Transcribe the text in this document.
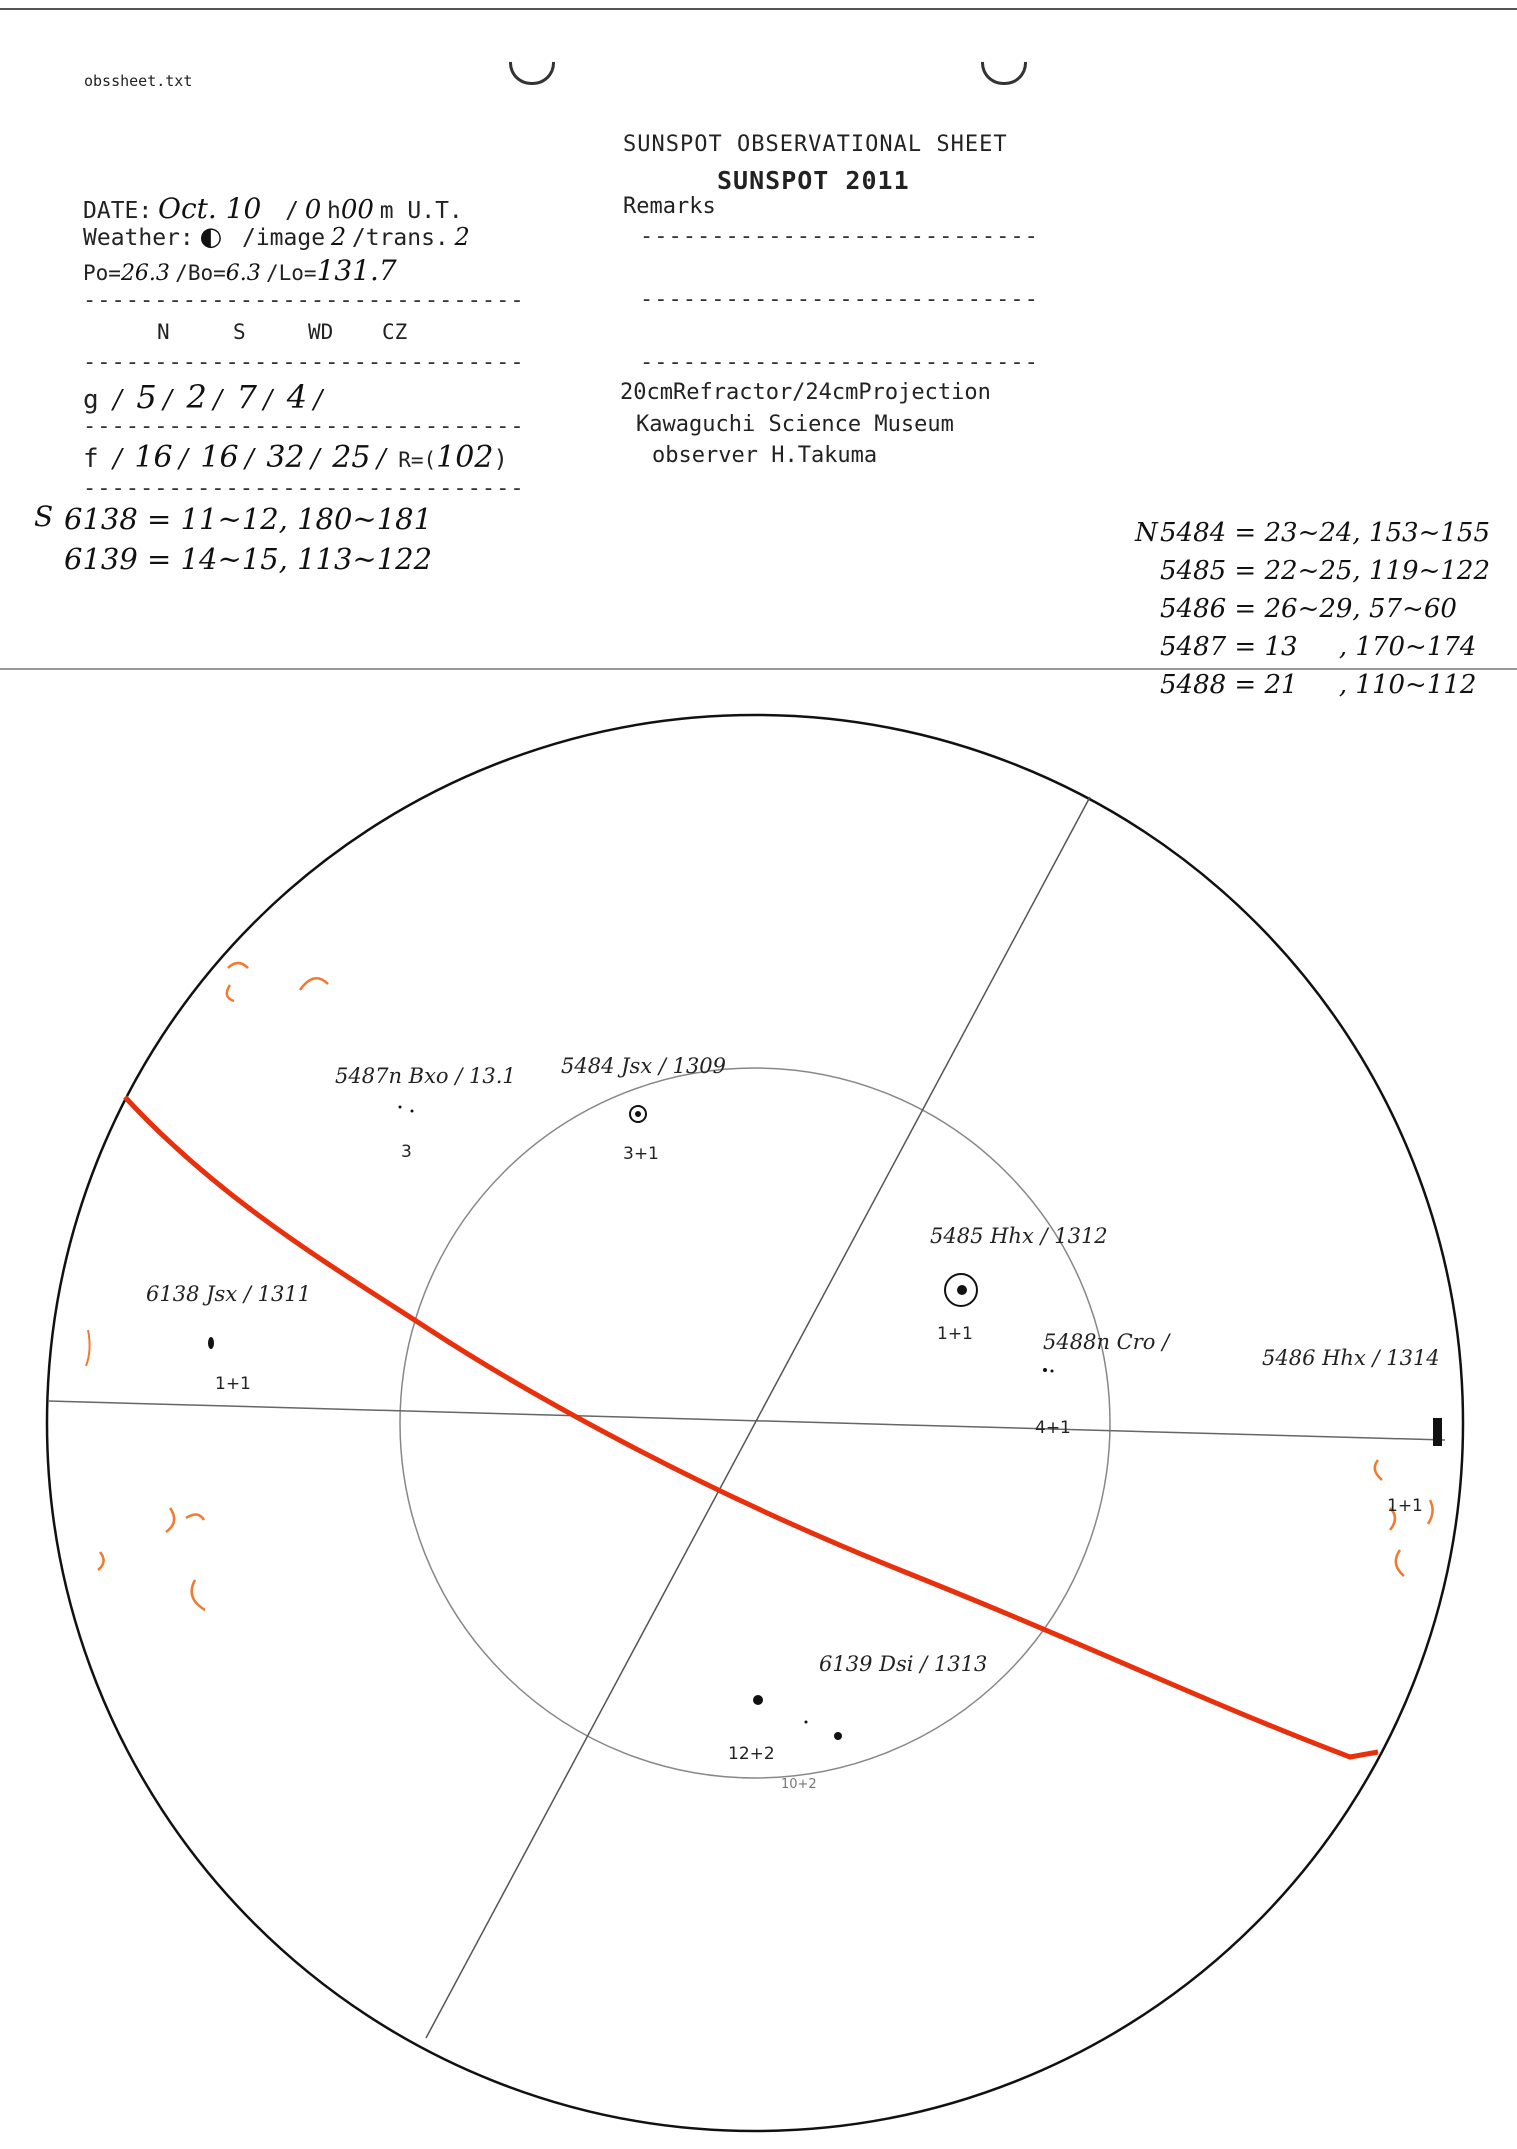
obssheet.txt
SUNSPOT OBSERVATIONAL SHEET
SUNSPOT 2011
DATE: Oct. 10 / 0 h00 m U.T.
Weather: ◐ /image 2 /trans. 2
Po=26.3 /Bo=6.3 /Lo=131.7
-------------------------------
N	S	WD CZ
-------------------------------
g / 5 / 2 / 7 / 4 /
-------------------------------
f / 16 / 16 / 32 / 25 / R=(102)
-------------------------------
Remarks
----------------------------
----------------------------
----------------------------
20cmRefractor/24cmProjection
Kawaguchi Science Museum
observer H.Takuma
S 6138 = 11~12, 180~181
6139 = 14~15, 113~122
N 5484 = 23~24, 153~155
5485 = 22~25, 119~122
5486 = 26~29, 57~60
5487 = 13     , 170~174
5488 = 21     , 110~112
5487n Bxo / 13.1
3
5484 Jsx / 1309
3+1
5485 Hhx / 1312
1+1	5488n Cro /
4+1
5486 Hhx / 1314
1+1
6138 Jsx / 1311
1+1
6139 Dsi / 1313
12+2
10+2
